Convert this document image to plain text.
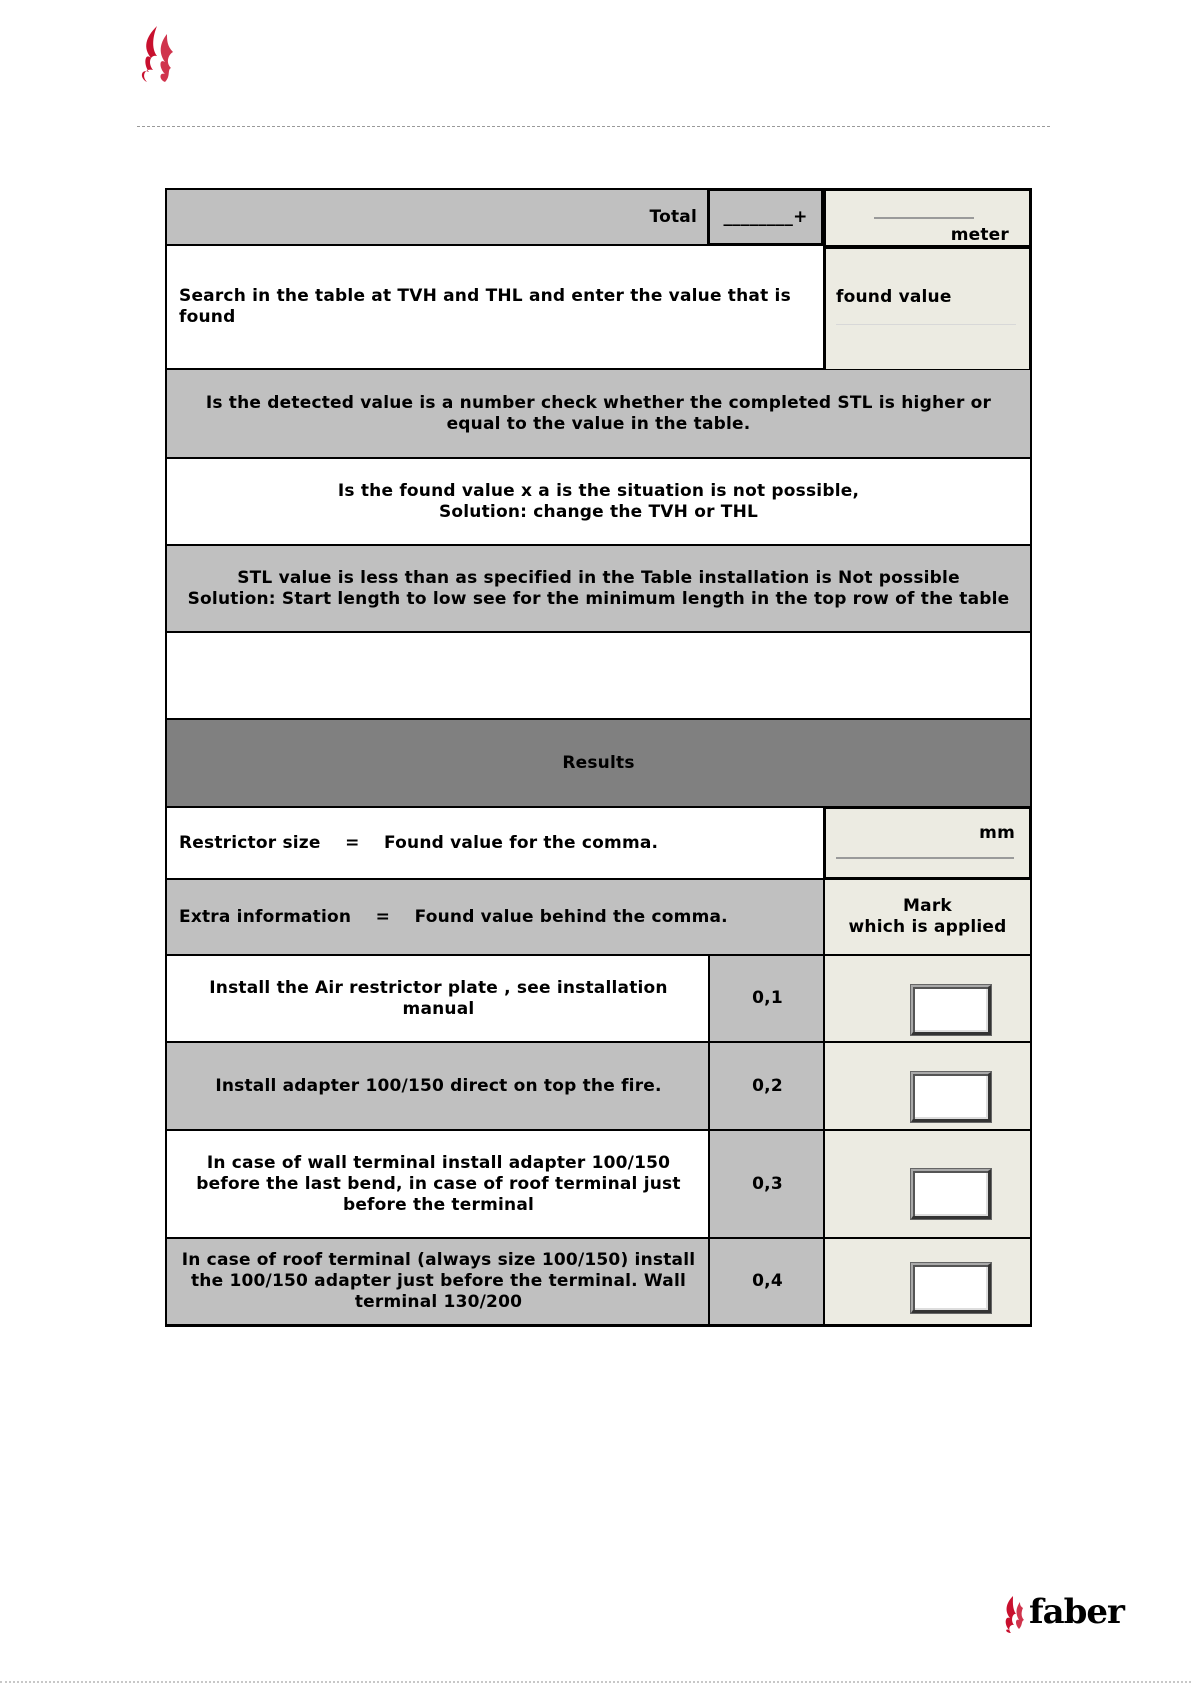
Total ________+
meter
Search in the table at TVH and THL and enter the value that is found
found value
Is the detected value is a number check whether the completed STL is higher or equal to the value in the table.
Is the found value x a is the situation is not possible,
Solution: change the TVH or THL
STL value is less than as specified in the Table installation is Not possible
Solution: Start length to low see for the minimum length in the top row of the table
Results
Restrictor size    =    Found value for the comma.	mm
Extra information    =    Found value behind the comma.
Mark
which is applied
Install the Air restrictor plate , see installation manual
0,1
Install adapter 100/150 direct on top the fire.	0,2
In case of wall terminal install adapter 100/150 before the last bend, in case of roof terminal just before the terminal
0,3
In case of roof terminal (always size 100/150) install the 100/150 adapter just before the terminal. Wall terminal 130/200
0,4
faber
